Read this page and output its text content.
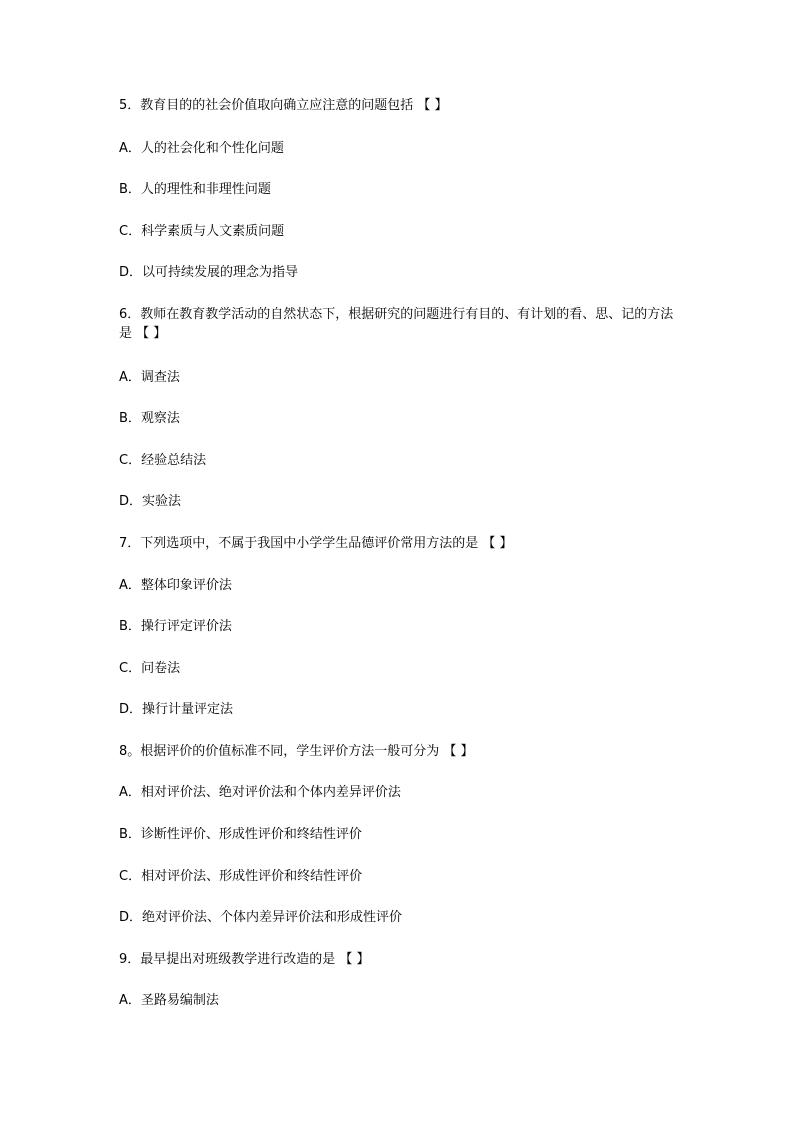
5．教育目的的社会价值取向确立应注意的问题包括 【 】
A．人的社会化和个性化问题
B．人的理性和非理性问题
C．科学素质与人文素质问题
D．以可持续发展的理念为指导
6．教师在教育教学活动的自然状态下，根据研究的问题进行有目的、有计划的看、思、记的方法是 【 】
A．调查法
B．观察法
C．经验总结法
D．实验法
7．下列选项中，不属于我国中小学学生品德评价常用方法的是 【 】
A．整体印象评价法
B．操行评定评价法
C．问卷法
D．操行计量评定法
8。根据评价的价值标准不同，学生评价方法一般可分为 【 】
A．相对评价法、绝对评价法和个体内差异评价法
B．诊断性评价、形成性评价和终结性评价
C．相对评价法、形成性评价和终结性评价
D．绝对评价法、个体内差异评价法和形成性评价
9．最早提出对班级教学进行改造的是 【 】
A．圣路易编制法
